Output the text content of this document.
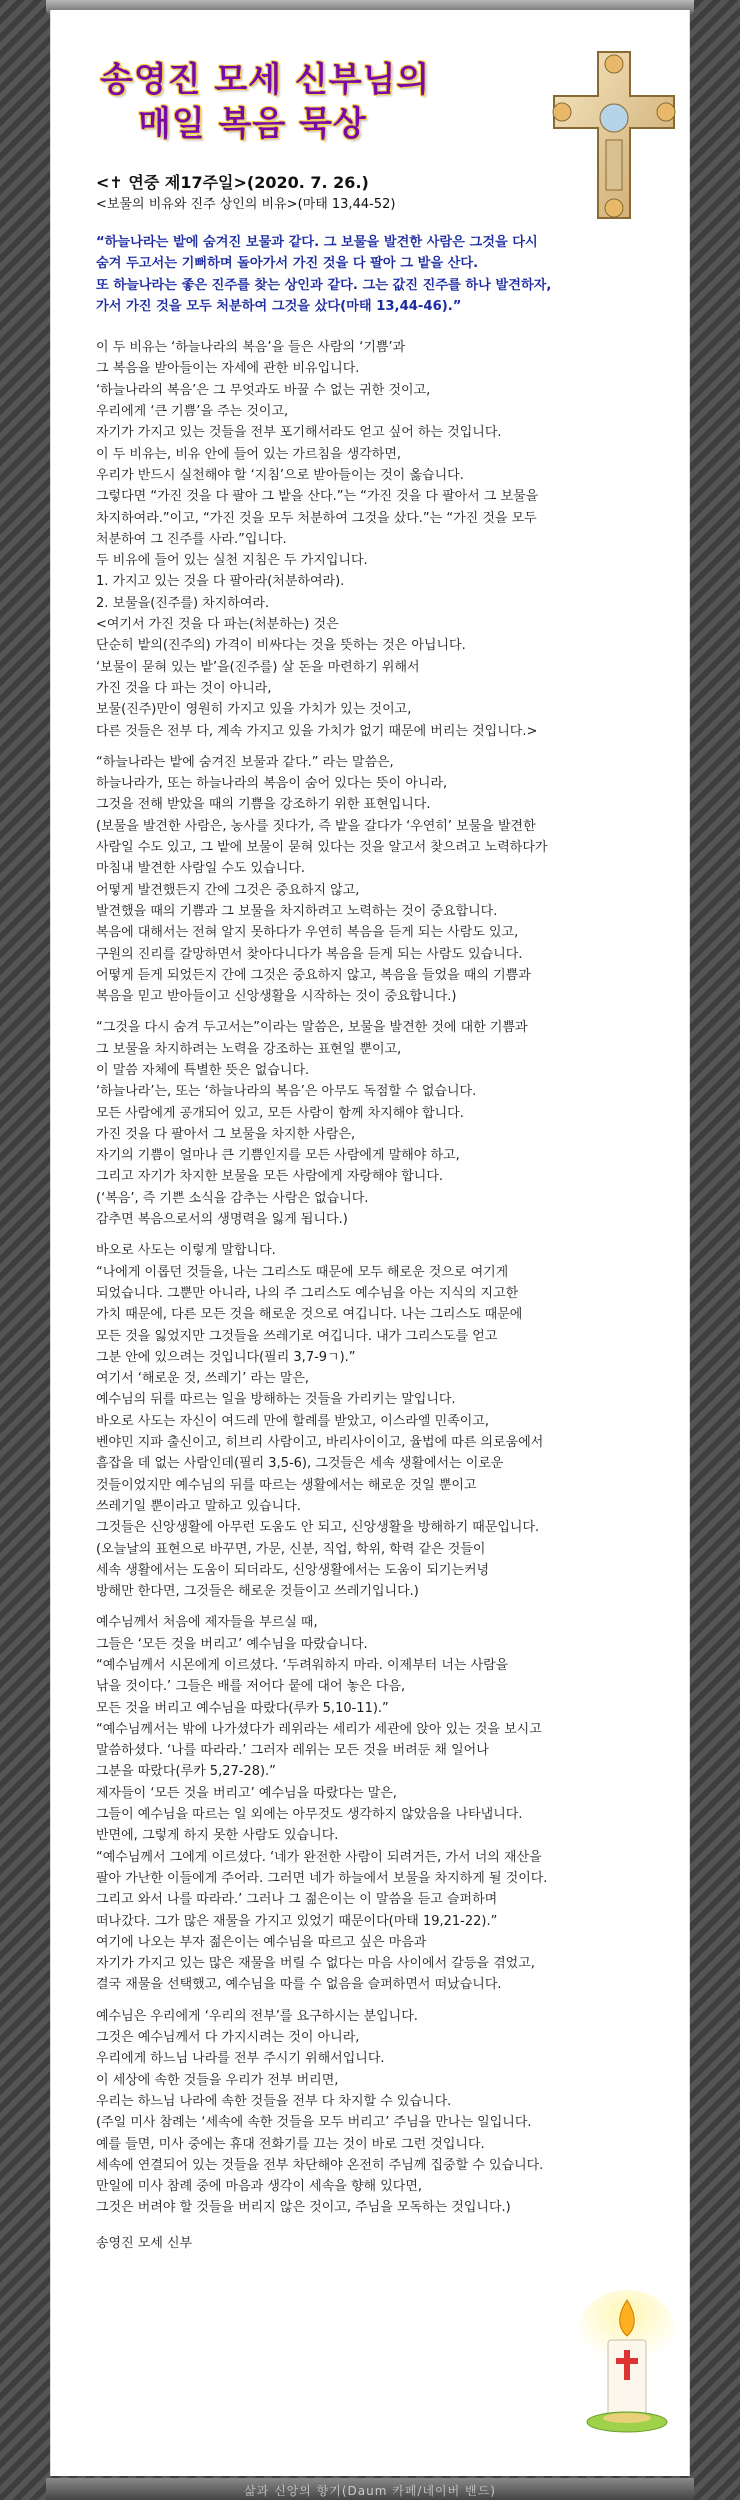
송영진 모세 신부님의
매일 복음 묵상
<✝ 연중 제17주일>(2020. 7. 26.)
<보물의 비유와 진주 상인의 비유>(마태 13,44-52)
“하늘나라는 밭에 숨겨진 보물과 같다. 그 보물을 발견한 사람은 그것을 다시
숨겨 두고서는 기뻐하며 돌아가서 가진 것을 다 팔아 그 밭을 산다.
또 하늘나라는 좋은 진주를 찾는 상인과 같다. 그는 값진 진주를 하나 발견하자,
가서 가진 것을 모두 처분하여 그것을 샀다(마태 13,44-46).”
이 두 비유는 ‘하늘나라의 복음’을 들은 사람의 ‘기쁨’과
그 복음을 받아들이는 자세에 관한 비유입니다.
‘하늘나라의 복음’은 그 무엇과도 바꿀 수 없는 귀한 것이고,
우리에게 ‘큰 기쁨’을 주는 것이고,
자기가 가지고 있는 것들을 전부 포기해서라도 얻고 싶어 하는 것입니다.
이 두 비유는, 비유 안에 들어 있는 가르침을 생각하면,
우리가 반드시 실천해야 할 ‘지침’으로 받아들이는 것이 옳습니다.
그렇다면 “가진 것을 다 팔아 그 밭을 산다.”는 “가진 것을 다 팔아서 그 보물을
차지하여라.”이고, “가진 것을 모두 처분하여 그것을 샀다.”는 “가진 것을 모두
처분하여 그 진주를 사라.”입니다.
두 비유에 들어 있는 실천 지침은 두 가지입니다.
1. 가지고 있는 것을 다 팔아라(처분하여라).
2. 보물을(진주를) 차지하여라.
<여기서 가진 것을 다 파는(처분하는) 것은
단순히 밭의(진주의) 가격이 비싸다는 것을 뜻하는 것은 아닙니다.
‘보물이 묻혀 있는 밭’을(진주를) 살 돈을 마련하기 위해서
가진 것을 다 파는 것이 아니라,
보물(진주)만이 영원히 가지고 있을 가치가 있는 것이고,
다른 것들은 전부 다, 계속 가지고 있을 가치가 없기 때문에 버리는 것입니다.>
“하늘나라는 밭에 숨겨진 보물과 같다.” 라는 말씀은,
하늘나라가, 또는 하늘나라의 복음이 숨어 있다는 뜻이 아니라,
그것을 전해 받았을 때의 기쁨을 강조하기 위한 표현입니다.
(보물을 발견한 사람은, 농사를 짓다가, 즉 밭을 갈다가 ‘우연히’ 보물을 발견한
사람일 수도 있고, 그 밭에 보물이 묻혀 있다는 것을 알고서 찾으려고 노력하다가
마침내 발견한 사람일 수도 있습니다.
어떻게 발견했든지 간에 그것은 중요하지 않고,
발견했을 때의 기쁨과 그 보물을 차지하려고 노력하는 것이 중요합니다.
복음에 대해서는 전혀 알지 못하다가 우연히 복음을 듣게 되는 사람도 있고,
구원의 진리를 갈망하면서 찾아다니다가 복음을 듣게 되는 사람도 있습니다.
어떻게 듣게 되었든지 간에 그것은 중요하지 않고, 복음을 들었을 때의 기쁨과
복음을 믿고 받아들이고 신앙생활을 시작하는 것이 중요합니다.)
“그것을 다시 숨겨 두고서는”이라는 말씀은, 보물을 발견한 것에 대한 기쁨과
그 보물을 차지하려는 노력을 강조하는 표현일 뿐이고,
이 말씀 자체에 특별한 뜻은 없습니다.
‘하늘나라’는, 또는 ‘하늘나라의 복음’은 아무도 독점할 수 없습니다.
모든 사람에게 공개되어 있고, 모든 사람이 함께 차지해야 합니다.
가진 것을 다 팔아서 그 보물을 차지한 사람은,
자기의 기쁨이 얼마나 큰 기쁨인지를 모든 사람에게 말해야 하고,
그리고 자기가 차지한 보물을 모든 사람에게 자랑해야 합니다.
(‘복음’, 즉 기쁜 소식을 감추는 사람은 없습니다.
감추면 복음으로서의 생명력을 잃게 됩니다.)
바오로 사도는 이렇게 말합니다.
“나에게 이롭던 것들을, 나는 그리스도 때문에 모두 해로운 것으로 여기게
되었습니다. 그뿐만 아니라, 나의 주 그리스도 예수님을 아는 지식의 지고한
가치 때문에, 다른 모든 것을 해로운 것으로 여깁니다. 나는 그리스도 때문에
모든 것을 잃었지만 그것들을 쓰레기로 여깁니다. 내가 그리스도를 얻고
그분 안에 있으려는 것입니다(필리 3,7-9ㄱ).”
여기서 ‘해로운 것, 쓰레기’ 라는 말은,
예수님의 뒤를 따르는 일을 방해하는 것들을 가리키는 말입니다.
바오로 사도는 자신이 여드레 만에 할례를 받았고, 이스라엘 민족이고,
벤야민 지파 출신이고, 히브리 사람이고, 바리사이이고, 율법에 따른 의로움에서
흠잡을 데 없는 사람인데(필리 3,5-6), 그것들은 세속 생활에서는 이로운
것들이었지만 예수님의 뒤를 따르는 생활에서는 해로운 것일 뿐이고
쓰레기일 뿐이라고 말하고 있습니다.
그것들은 신앙생활에 아무런 도움도 안 되고, 신앙생활을 방해하기 때문입니다.
(오늘날의 표현으로 바꾸면, 가문, 신분, 직업, 학위, 학력 같은 것들이
세속 생활에서는 도움이 되더라도, 신앙생활에서는 도움이 되기는커녕
방해만 한다면, 그것들은 해로운 것들이고 쓰레기입니다.)
예수님께서 처음에 제자들을 부르실 때,
그들은 ‘모든 것을 버리고’ 예수님을 따랐습니다.
“예수님께서 시몬에게 이르셨다. ‘두려워하지 마라. 이제부터 너는 사람을
낚을 것이다.’ 그들은 배를 저어다 뭍에 대어 놓은 다음,
모든 것을 버리고 예수님을 따랐다(루카 5,10-11).”
“예수님께서는 밖에 나가셨다가 레위라는 세리가 세관에 앉아 있는 것을 보시고
말씀하셨다. ‘나를 따라라.’ 그러자 레위는 모든 것을 버려둔 채 일어나
그분을 따랐다(루카 5,27-28).”
제자들이 ‘모든 것을 버리고’ 예수님을 따랐다는 말은,
그들이 예수님을 따르는 일 외에는 아무것도 생각하지 않았음을 나타냅니다.
반면에, 그렇게 하지 못한 사람도 있습니다.
“예수님께서 그에게 이르셨다. ‘네가 완전한 사람이 되려거든, 가서 너의 재산을
팔아 가난한 이들에게 주어라. 그러면 네가 하늘에서 보물을 차지하게 될 것이다.
그리고 와서 나를 따라라.’ 그러나 그 젊은이는 이 말씀을 듣고 슬퍼하며
떠나갔다. 그가 많은 재물을 가지고 있었기 때문이다(마태 19,21-22).”
여기에 나오는 부자 젊은이는 예수님을 따르고 싶은 마음과
자기가 가지고 있는 많은 재물을 버릴 수 없다는 마음 사이에서 갈등을 겪었고,
결국 재물을 선택했고, 예수님을 따를 수 없음을 슬퍼하면서 떠났습니다.
예수님은 우리에게 ‘우리의 전부’를 요구하시는 분입니다.
그것은 예수님께서 다 가지시려는 것이 아니라,
우리에게 하느님 나라를 전부 주시기 위해서입니다.
이 세상에 속한 것들을 우리가 전부 버리면,
우리는 하느님 나라에 속한 것들을 전부 다 차지할 수 있습니다.
(주일 미사 참례는 ‘세속에 속한 것들을 모두 버리고’ 주님을 만나는 일입니다.
예를 들면, 미사 중에는 휴대 전화기를 끄는 것이 바로 그런 것입니다.
세속에 연결되어 있는 것들을 전부 차단해야 온전히 주님께 집중할 수 있습니다.
만일에 미사 참례 중에 마음과 생각이 세속을 향해 있다면,
그것은 버려야 할 것들을 버리지 않은 것이고, 주님을 모독하는 것입니다.)
송영진 모세 신부
삶과 신앙의 향기(Daum 카페/네이버 밴드)
